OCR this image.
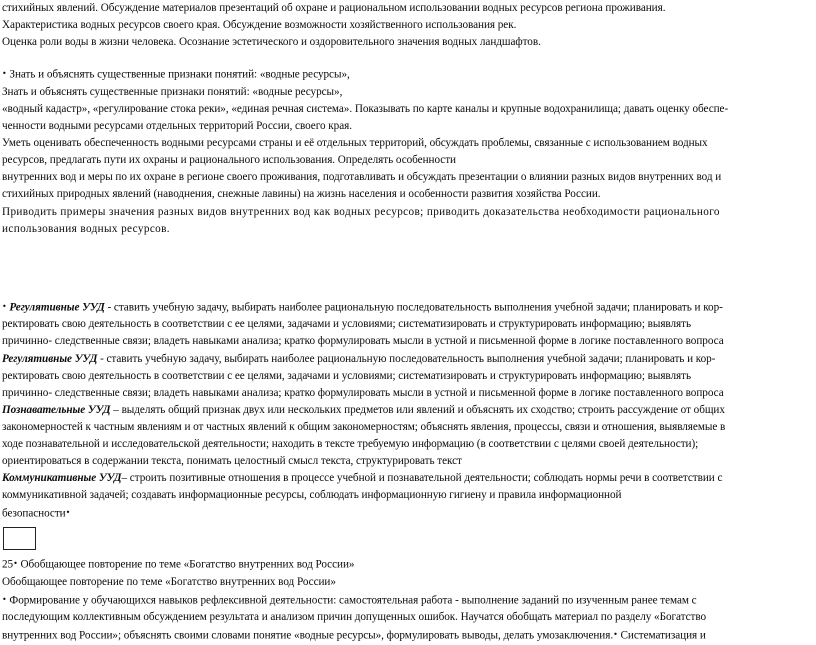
стихийных явлений. Обсуждение материалов презентаций об охране и рациональном использовании водных ресурсов региона проживания.
Характеристика водных ресурсов своего края. Обсуждение возможности хозяйственного использования рек.
Оценка роли воды в жизни человека. Осознание эстетического и оздоровительного значения водных ландшафтов.
• Знать и объяснять существенные признаки понятий: «водные ресурсы»,
Знать и объяснять существенные признаки понятий: «водные ресурсы»,
«водный кадастр», «регулирование стока реки», «единая речная система». Показывать по карте каналы и крупные водохранилища; давать оценку обеспе-
ченности водными ресурсами отдельных территорий России, своего края.
Уметь оценивать обеспеченность водными ресурсами страны и её отдельных территорий, обсуждать проблемы, связанные с использованием водных
ресурсов, предлагать пути их охраны и рационального использования. Определять особенности
внутренних вод и меры по их охране в регионе своего проживания, подготавливать и обсуждать презентации о влиянии разных видов внутренних вод и
стихийных природных явлений (наводнения, снежные лавины) на жизнь населения и особенности развития хозяйства России.
Приводить примеры значения разных видов внутренних вод как водных ресурсов; приводить доказательства необходимости рационального
использования водных ресурсов.
• Регулятивные УУД - ставить учебную задачу, выбирать наиболее рациональную последовательность выполнения учебной задачи; планировать и кор-
ректировать свою деятельность в соответствии с ее целями, задачами и условиями; систематизировать и структурировать информацию; выявлять
причинно- следственные связи; владеть навыками анализа; кратко формулировать мысли в устной и письменной форме в логике поставленного вопроса
Регулятивные УУД - ставить учебную задачу, выбирать наиболее рациональную последовательность выполнения учебной задачи; планировать и кор-
ректировать свою деятельность в соответствии с ее целями, задачами и условиями; систематизировать и структурировать информацию; выявлять
причинно- следственные связи; владеть навыками анализа; кратко формулировать мысли в устной и письменной форме в логике поставленного вопроса
Познавательные УУД – выделять общий признак двух или нескольких предметов или явлений и объяснять их сходство; строить рассуждение от общих
закономерностей к частным явлениям и от частных явлений к общим закономерностям; объяснять явления, процессы, связи и отношения, выявляемые в
ходе познавательной и исследовательской деятельности; находить в тексте требуемую информацию (в соответствии с целями своей деятельности);
ориентироваться в содержании текста, понимать целостный смысл текста, структурировать текст
Коммуникативные УУД– строить позитивные отношения в процессе учебной и познавательной деятельности; соблюдать нормы речи в соответствии с
коммуникативной задачей; создавать информационные ресурсы, соблюдать информационную гигиену и правила информационной
безопасности•
25• Обобщающее повторение по теме «Богатство внутренних вод России»
Обобщающее повторение по теме «Богатство внутренних вод России»
• Формирование у обучающихся навыков рефлексивной деятельности: самостоятельная работа - выполнение заданий по изученным ранее темам с
последующим коллективным обсуждением результата и анализом причин допущенных ошибок. Научатся обобщать материал по разделу «Богатство
внутренних вод России»; объяснять своими словами понятие «водные ресурсы», формулировать выводы, делать умозаключения.• Систематизация и
